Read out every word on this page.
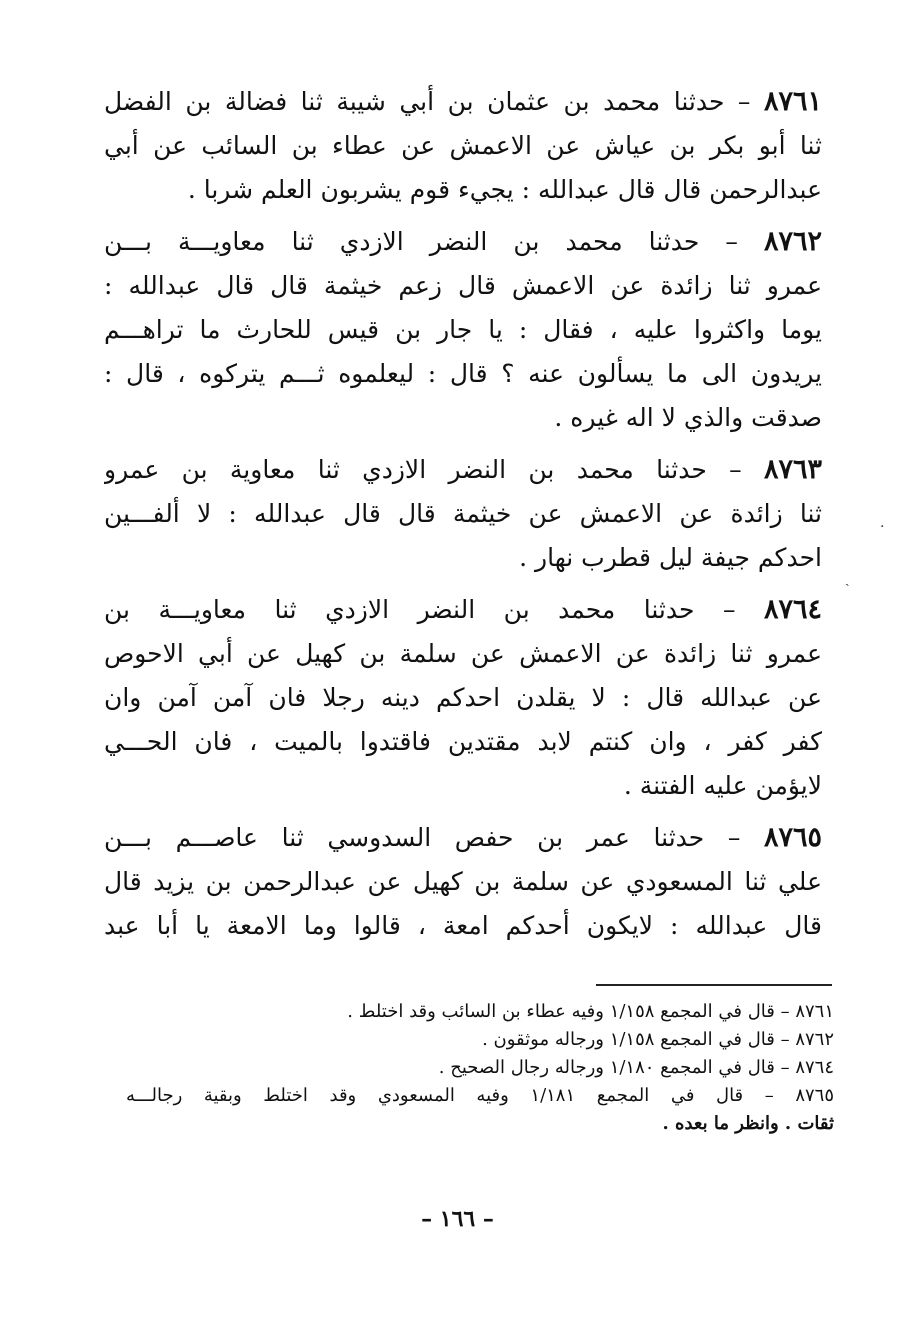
٨٧٦١ – حدثنا محمد بن عثمان بن أبي شيبة ثنا فضالة بن الفضل
ثنا أبو بكر بن عياش عن الاعمش عن عطاء بن السائب عن أبي
عبدالرحمن قال قال عبدالله : يجيء قوم يشربون العلم شربا .
٨٧٦٢ – حدثنا محمد بن النضر الازدي ثنا معاويـــة بـــن
عمرو ثنا زائدة عن الاعمش قال زعم خيثمة قال قال عبدالله :
يوما واكثروا عليه ، فقال : يا جار بن قيس للحارث ما تراهـــم
يريدون الى ما يسألون عنه ؟ قال : ليعلموه ثـــم يتركوه ، قال :
صدقت والذي لا اله غيره .
٨٧٦٣ – حدثنا محمد بن النضر الازدي ثنا معاوية بن عمرو
ثنا زائدة عن الاعمش عن خيثمة قال قال عبدالله : لا ألفـــين
احدكم جيفة ليل قطرب نهار .
٨٧٦٤ – حدثنا محمد بن النضر الازدي ثنا معاويـــة بن
عمرو ثنا زائدة عن الاعمش عن سلمة بن كهيل عن أبي الاحوص
عن عبدالله قال : لا يقلدن احدكم دينه رجلا فان آمن آمن وان
كفر كفر ، وان كنتم لابد مقتدين فاقتدوا بالميت ، فان الحـــي
لايؤمن عليه الفتنة .
٨٧٦٥ – حدثنا عمر بن حفص السدوسي ثنا عاصـــم بـــن
علي ثنا المسعودي عن سلمة بن كهيل عن عبدالرحمن بن يزيد قال
قال عبدالله : لايكون أحدكم امعة ، قالوا وما الامعة يا أبا عبد
٨٧٦١ – قال في المجمع ١/١٥٨ وفيه عطاء بن السائب وقد اختلط .
٨٧٦٢ – قال في المجمع ١/١٥٨ ورجاله موثقون .
٨٧٦٤ – قال في المجمع ١/١٨٠ ورجاله رجال الصحيح .
٨٧٦٥ – قال في المجمع ١/١٨١ وفيه المسعودي وقد اختلط وبقية رجالـــه
ثقات . وانظر ما بعده .
– ١٦٦ –
·
ˏ
